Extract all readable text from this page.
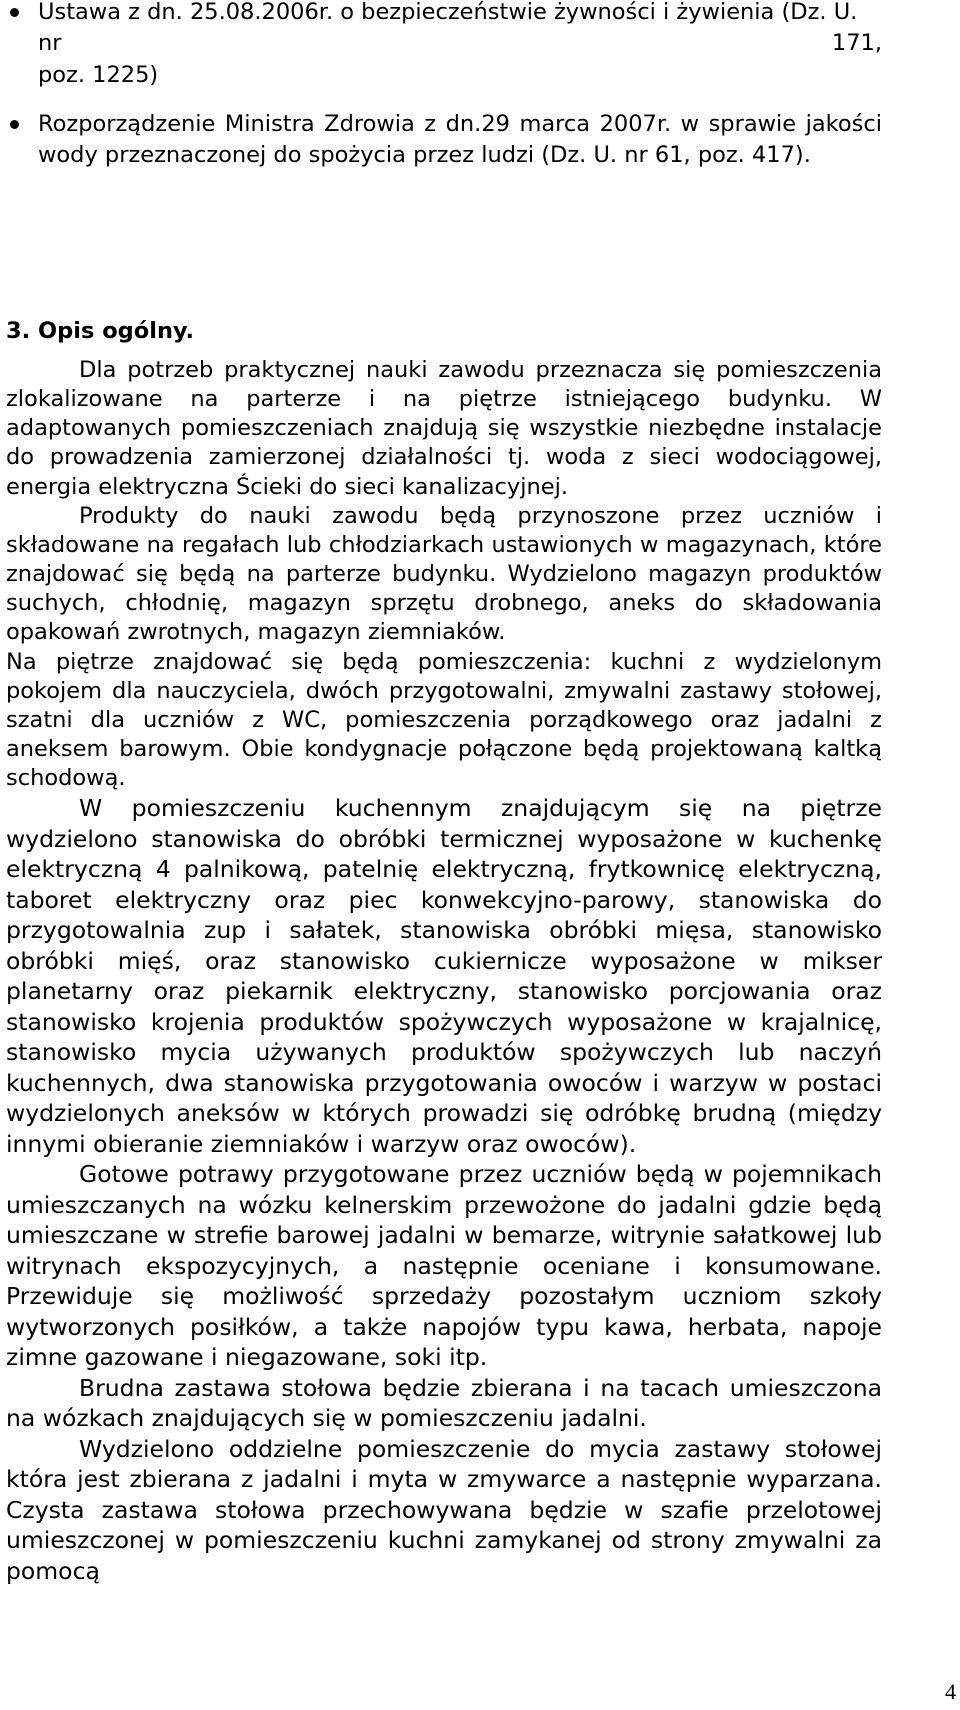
Ustawa z dn. 25.08.2006r. o bezpieczeństwie żywności i żywienia (Dz. U.
nr	171,
poz. 1225)
Rozporządzenie Ministra Zdrowia z dn.29 marca 2007r. w sprawie jakości wody przeznaczonej do spożycia przez ludzi (Dz. U. nr 61, poz. 417).
3. Opis ogólny.

Dla potrzeb praktycznej nauki zawodu przeznacza się pomieszczenia zlokalizowane na parterze i na piętrze istniejącego budynku. W adaptowanych pomieszczeniach znajdują się wszystkie niezbędne instalacje do prowadzenia zamierzonej działalności tj. woda z sieci wodociągowej, energia elektryczna Ścieki do sieci kanalizacyjnej.

Produkty do nauki zawodu będą przynoszone przez uczniów i składowane na regałach lub chłodziarkach ustawionych w magazynach, które znajdować się będą na parterze budynku. Wydzielono magazyn produktów suchych, chłodnię, magazyn sprzętu drobnego, aneks do składowania opakowań zwrotnych, magazyn ziemniaków.

Na piętrze znajdować się będą pomieszczenia: kuchni z wydzielonym pokojem dla nauczyciela, dwóch przygotowalni, zmywalni zastawy stołowej, szatni dla uczniów z WC, pomieszczenia porządkowego oraz jadalni z aneksem barowym. Obie kondygnacje połączone będą projektowaną kaltką schodową.

W pomieszczeniu kuchennym znajdującym się na piętrze wydzielono stanowiska do obróbki termicznej wyposażone w kuchenkę elektryczną 4 palnikową, patelnię elektryczną, frytkownicę elektryczną, taboret elektryczny oraz piec konwekcyjno-parowy, stanowiska do przygotowalnia zup i sałatek, stanowiska obróbki mięsa, stanowisko obróbki mięś, oraz stanowisko cukiernicze wyposażone w mikser planetarny oraz piekarnik elektryczny, stanowisko porcjowania oraz stanowisko krojenia produktów spożywczych wyposażone w krajalnicę, stanowisko mycia używanych produktów spożywczych lub naczyń kuchennych, dwa stanowiska przygotowania owoców i warzyw w postaci wydzielonych aneksów w których prowadzi się odróbkę brudną (między innymi obieranie ziemniaków i warzyw oraz owoców).

Gotowe potrawy przygotowane przez uczniów będą w pojemnikach umieszczanych na wózku kelnerskim przewożone do jadalni gdzie będą umieszczane w strefie barowej jadalni w bemarze, witrynie sałatkowej lub witrynach ekspozycyjnych, a następnie oceniane i konsumowane. Przewiduje się możliwość sprzedaży pozostałym uczniom szkoły wytworzonych posiłków, a także napojów typu kawa, herbata, napoje zimne gazowane i niegazowane, soki itp.

Brudna zastawa stołowa będzie zbierana i na tacach umieszczona na wózkach znajdujących się w pomieszczeniu jadalni.

Wydzielono oddzielne pomieszczenie do mycia zastawy stołowej która jest zbierana z jadalni i myta w zmywarce a następnie wyparzana. Czysta zastawa stołowa przechowywana będzie w szafie przelotowej umieszczonej w pomieszczeniu kuchni zamykanej od strony zmywalni za pomocą

4
